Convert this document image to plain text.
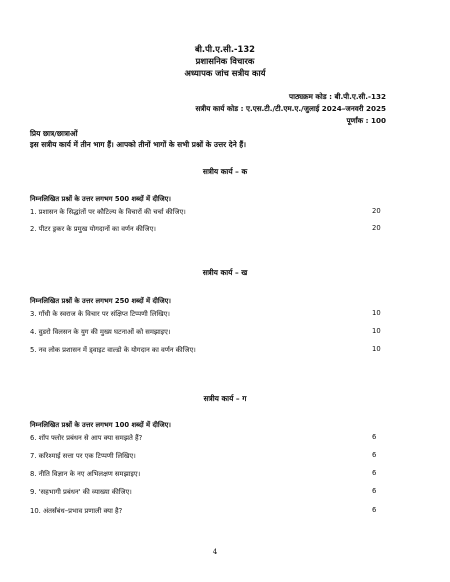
बी.पी.ए.सी.-132
प्रशासनिक विचारक
अध्यापक जांच सत्रीय कार्य
पाठ्यक्रम कोड : बी.पी.ए.सी.-132
सत्रीय कार्य कोड : ए.एस.टी./टी.एम.ए./जुलाई 2024–जनवरी 2025
पूर्णांक : 100
प्रिय छात्र/छात्राओं
इस सत्रीय कार्य में तीन भाग हैं। आपको तीनों भागों के सभी प्रश्नों के उत्तर देने हैं।
सत्रीय कार्य – क
निम्नलिखित प्रश्नों के उत्तर लगभग 500 शब्दों में दीजिए।
1. प्रशासन के सिद्धांतों पर कौटिल्य के विचारों की चर्चा कीजिए।	20
2. पीटर ड्रकर के प्रमुख योगदानों का वर्णन कीजिए।	20
सत्रीय कार्य – ख
निम्नलिखित प्रश्नों के उत्तर लगभग 250 शब्दों में दीजिए।
3. गाँधी के स्वराज के विचार पर संक्षिप्त टिप्पणी लिखिए।	10
4. वुडरो विलसन के युग की मुख्य घटनाओं को समझाइए।	10
5. नव लोक प्रशासन में ड्वाइट वाल्डो के योगदान का वर्णन कीजिए।	10
सत्रीय कार्य – ग
निम्नलिखित प्रश्नों के उत्तर लगभग 100 शब्दों में दीजिए।
6. शॉप फ्लोर प्रबंधन से आप क्या समझते हैं?	6
7. करिश्माई सत्ता पर एक टिप्पणी लिखिए।	6
8. नीति विज्ञान के नए अभिलक्षण समझाइए।	6
9. 'सहभागी प्रबंधन' की व्याख्या कीजिए।	6
10. अंतर्संबंध–प्रभाव प्रणाली क्या है?	6
4
